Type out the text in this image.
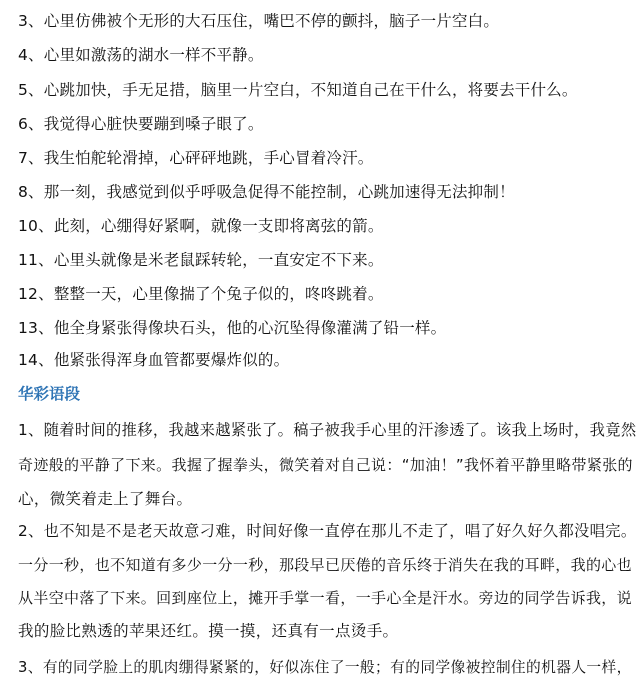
3、心里仿佛被个无形的大石压住，嘴巴不停的颤抖，脑子一片空白。
4、心里如激荡的湖水一样不平静。
5、心跳加快，手无足措，脑里一片空白，不知道自己在干什么，将要去干什么。
6、我觉得心脏快要蹦到嗓子眼了。
7、我生怕舵轮滑掉，心砰砰地跳，手心冒着冷汗。
8、那一刻，我感觉到似乎呼吸急促得不能控制，心跳加速得无法抑制！
10、此刻，心绷得好紧啊，就像一支即将离弦的箭。
11、心里头就像是米老鼠踩转轮，一直安定不下来。
12、整整一天，心里像揣了个兔子似的，咚咚跳着。
13、他全身紧张得像块石头，他的心沉坠得像灌满了铅一样。
14、他紧张得浑身血管都要爆炸似的。
华彩语段
1、随着时间的推移，我越来越紧张了。稿子被我手心里的汗渗透了。该我上场时，我竟然
奇迹般的平静了下来。我握了握拳头，微笑着对自己说：“加油！”我怀着平静里略带紧张的
心，微笑着走上了舞台。
2、也不知是不是老天故意刁难，时间好像一直停在那儿不走了，唱了好久好久都没唱完。
一分一秒，也不知道有多少一分一秒，那段早已厌倦的音乐终于消失在我的耳畔，我的心也
从半空中落了下来。回到座位上，摊开手掌一看，一手心全是汗水。旁边的同学告诉我，说
我的脸比熟透的苹果还红。摸一摸，还真有一点烫手。
3、有的同学脸上的肌肉绷得紧紧的，好似冻住了一般；有的同学像被控制住的机器人一样，
